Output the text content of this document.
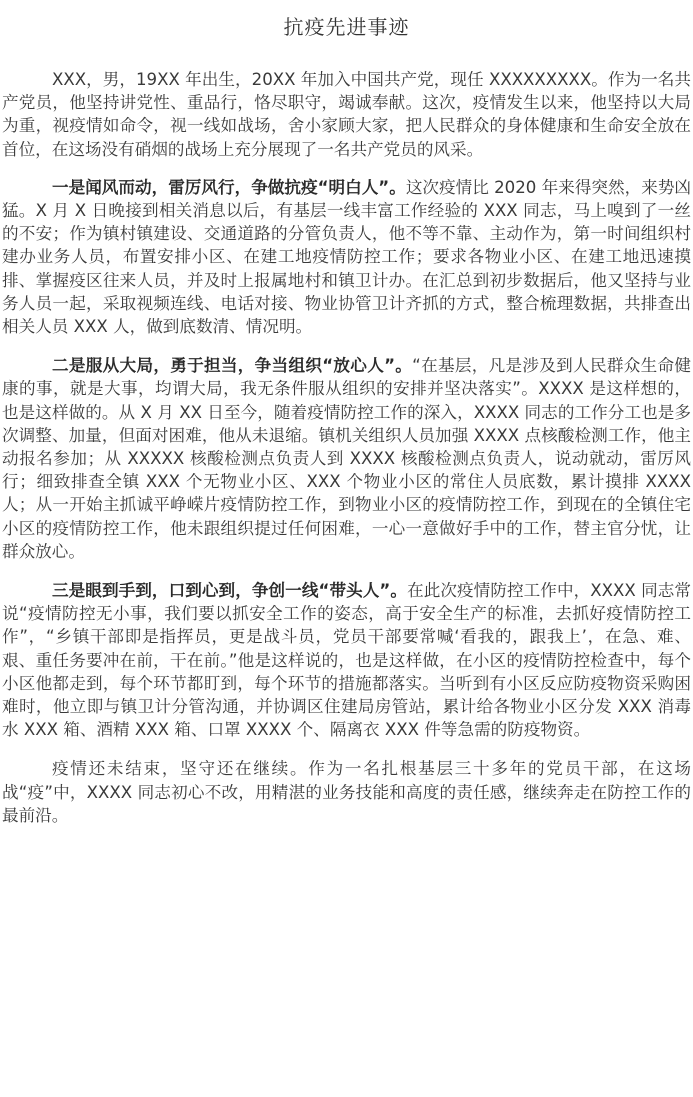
抗疫先进事迹

XXX，男，19XX 年出生，20XX 年加入中国共产党，现任 XXXXXXXXX。作为一名共产党员，他坚持讲党性、重品行，恪尽职守，竭诚奉献。这次，疫情发生以来，他坚持以大局为重，视疫情如命令，视一线如战场，舍小家顾大家，把人民群众的身体健康和生命安全放在首位，在这场没有硝烟的战场上充分展现了一名共产党员的风采。

一是闻风而动，雷厉风行，争做抗疫“明白人”。这次疫情比 2020 年来得突然，来势凶猛。X 月 X 日晚接到相关消息以后，有基层一线丰富工作经验的 XXX 同志，马上嗅到了一丝的不安；作为镇村镇建设、交通道路的分管负责人，他不等不靠、主动作为，第一时间组织村建办业务人员，布置安排小区、在建工地疫情防控工作；要求各物业小区、在建工地迅速摸排、掌握疫区往来人员，并及时上报属地村和镇卫计办。在汇总到初步数据后，他又坚持与业务人员一起，采取视频连线、电话对接、物业协管卫计齐抓的方式，整合梳理数据，共排查出相关人员 XXX 人，做到底数清、情况明。

二是服从大局，勇于担当，争当组织“放心人”。“在基层，凡是涉及到人民群众生命健康的事，就是大事，均谓大局，我无条件服从组织的安排并坚决落实”。XXXX 是这样想的，也是这样做的。从 X 月 XX 日至今，随着疫情防控工作的深入，XXXX 同志的工作分工也是多次调整、加量，但面对困难，他从未退缩。镇机关组织人员加强 XXXX 点核酸检测工作，他主动报名参加；从 XXXXX 核酸检测点负责人到 XXXX 核酸检测点负责人，说动就动，雷厉风行；细致排查全镇 XXX 个无物业小区、XXX 个物业小区的常住人员底数，累计摸排 XXXX 人；从一开始主抓诚平峥嵘片疫情防控工作，到物业小区的疫情防控工作，到现在的全镇住宅小区的疫情防控工作，他未跟组织提过任何困难，一心一意做好手中的工作，替主官分忧，让群众放心。

三是眼到手到，口到心到，争创一线“带头人”。在此次疫情防控工作中，XXXX 同志常说“疫情防控无小事，我们要以抓安全工作的姿态，高于安全生产的标准，去抓好疫情防控工作”，“乡镇干部即是指挥员，更是战斗员，党员干部要常喊‘看我的，跟我上’，在急、难、艰、重任务要冲在前，干在前。”他是这样说的，也是这样做，在小区的疫情防控检查中，每个小区他都走到，每个环节都盯到，每个环节的措施都落实。当听到有小区反应防疫物资采购困难时，他立即与镇卫计分管沟通，并协调区住建局房管站，累计给各物业小区分发 XXX 消毒水 XXX 箱、酒精 XXX 箱、口罩 XXXX 个、隔离衣 XXX 件等急需的防疫物资。

疫情还未结束，坚守还在继续。作为一名扎根基层三十多年的党员干部，在这场战“疫”中，XXXX 同志初心不改，用精湛的业务技能和高度的责任感，继续奔走在防控工作的最前沿。
